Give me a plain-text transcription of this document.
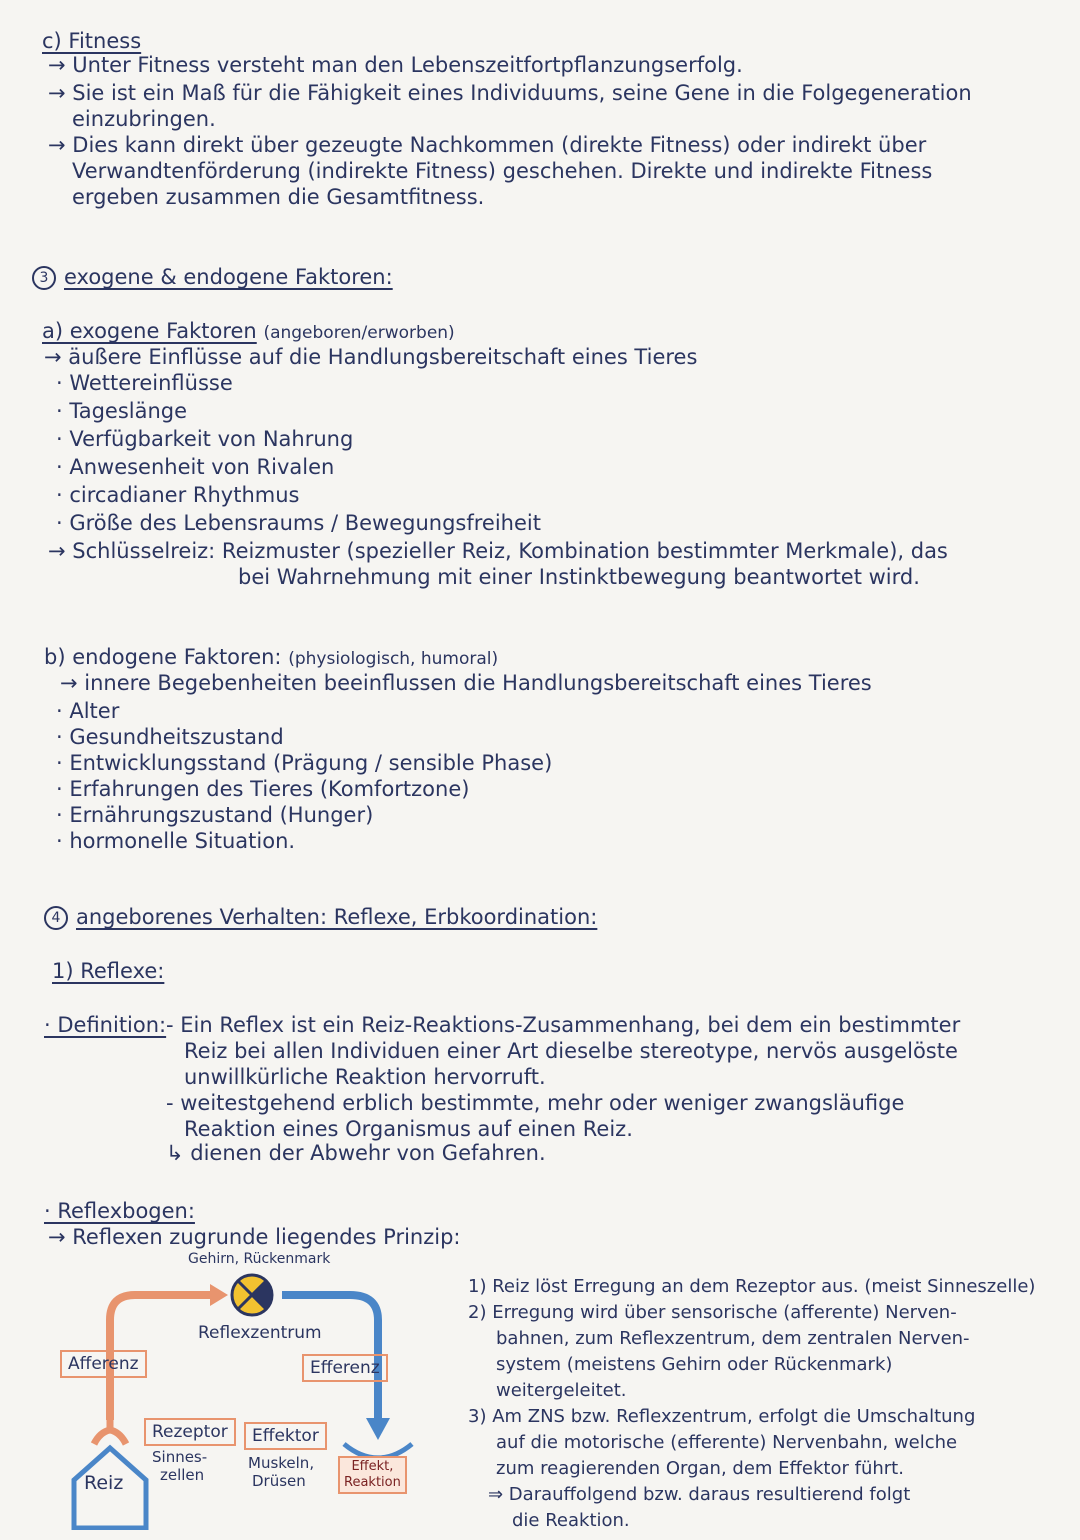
c) Fitness
→ Unter Fitness versteht man den Lebenszeitfortpflanzungserfolg.
→ Sie ist ein Maß für die Fähigkeit eines Individuums, seine Gene in die Folgegeneration
einzubringen.
→ Dies kann direkt über gezeugte Nachkommen (direkte Fitness) oder indirekt über
Verwandtenförderung (indirekte Fitness) geschehen. Direkte und indirekte Fitness
ergeben zusammen die Gesamtfitness.
3 exogene & endogene Faktoren:
a) exogene Faktoren (angeboren/erworben)
→ äußere Einflüsse auf die Handlungsbereitschaft eines Tieres
· Wettereinflüsse
· Tageslänge
· Verfügbarkeit von Nahrung
· Anwesenheit von Rivalen
· circadianer Rhythmus
· Größe des Lebensraums / Bewegungsfreiheit
→ Schlüsselreiz: Reizmuster (spezieller Reiz, Kombination bestimmter Merkmale), das
bei Wahrnehmung mit einer Instinktbewegung beantwortet wird.
b) endogene Faktoren: (physiologisch, humoral)
→ innere Begebenheiten beeinflussen die Handlungsbereitschaft eines Tieres
· Alter
· Gesundheitszustand
· Entwicklungsstand (Prägung / sensible Phase)
· Erfahrungen des Tieres (Komfortzone)
· Ernährungszustand (Hunger)
· hormonelle Situation.
4 angeborenes Verhalten: Reflexe, Erbkoordination:
1) Reflexe:
· Definition: - Ein Reflex ist ein Reiz-Reaktions-Zusammenhang, bei dem ein bestimmter
Reiz bei allen Individuen einer Art dieselbe stereotype, nervös ausgelöste
unwillkürliche Reaktion hervorruft.
- weitestgehend erblich bestimmte, mehr oder weniger zwangsläufige
Reaktion eines Organismus auf einen Reiz.
↳ dienen der Abwehr von Gefahren.
· Reflexbogen:
→ Reflexen zugrunde liegendes Prinzip:
Gehirn, Rückenmark
Reflexzentrum
Afferenz	Efferenz
Rezeptor	Effektor
Sinnes-
zellen
Muskeln,
Drüsen
Reiz
Effekt,
Reaktion
1) Reiz löst Erregung an dem Rezeptor aus. (meist Sinneszelle)
2) Erregung wird über sensorische (afferente) Nerven-
bahnen, zum Reflexzentrum, dem zentralen Nerven-
system (meistens Gehirn oder Rückenmark)
weitergeleitet.
3) Am ZNS bzw. Reflexzentrum, erfolgt die Umschaltung
auf die motorische (efferente) Nervenbahn, welche
zum reagierenden Organ, dem Effektor führt.
⇒ Darauffolgend bzw. daraus resultierend folgt
die Reaktion.
